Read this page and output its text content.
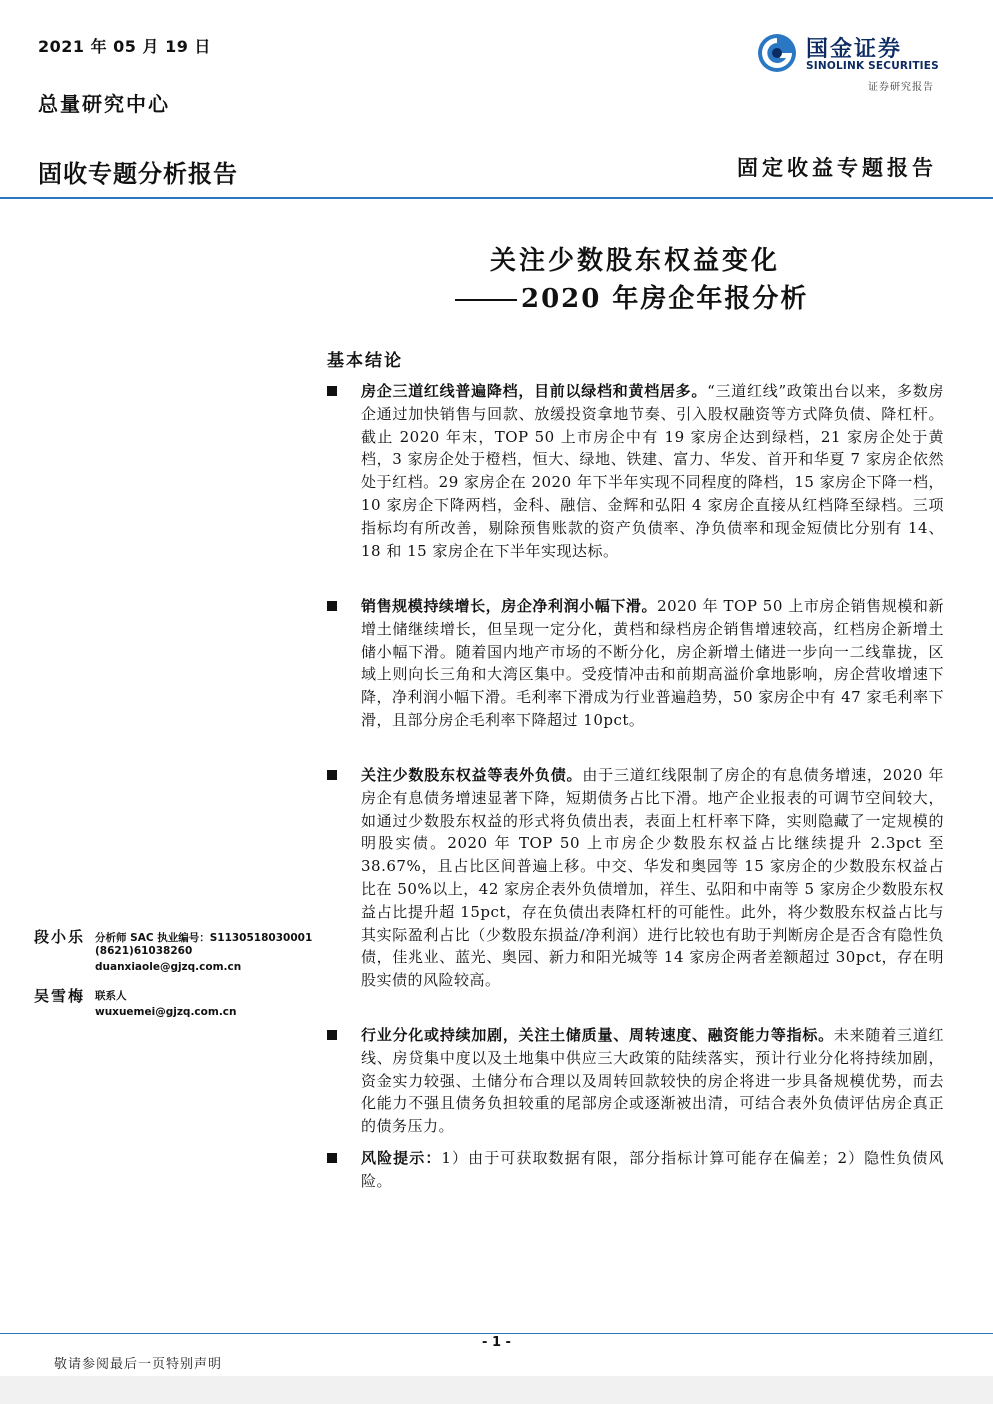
2021 年 05 月 19 日
总量研究中心
国金证券
SINOLINK SECURITIES
证券研究报告
固收专题分析报告	固定收益专题报告
关注少数股东权益变化
2020 年房企年报分析
基本结论
房企三道红线普遍降档，目前以绿档和黄档居多。“三道红线”政策出台以来，多数房企通过加快销售与回款、放缓投资拿地节奏、引入股权融资等方式降负债、降杠杆。截止 2020 年末，TOP 50 上市房企中有 19 家房企达到绿档，21 家房企处于黄档，3 家房企处于橙档，恒大、绿地、铁建、富力、华发、首开和华夏 7 家房企依然处于红档。29 家房企在 2020 年下半年实现不同程度的降档，15 家房企下降一档，10 家房企下降两档，金科、融信、金辉和弘阳 4 家房企直接从红档降至绿档。三项指标均有所改善，剔除预售账款的资产负债率、净负债率和现金短债比分别有 14、18 和 15 家房企在下半年实现达标。
销售规模持续增长，房企净利润小幅下滑。2020 年 TOP 50 上市房企销售规模和新增土储继续增长，但呈现一定分化，黄档和绿档房企销售增速较高，红档房企新增土储小幅下滑。随着国内地产市场的不断分化，房企新增土储进一步向一二线靠拢，区域上则向长三角和大湾区集中。受疫情冲击和前期高溢价拿地影响，房企营收增速下降，净利润小幅下滑。毛利率下滑成为行业普遍趋势，50 家房企中有 47 家毛利率下滑，且部分房企毛利率下降超过 10pct。
关注少数股东权益等表外负债。由于三道红线限制了房企的有息债务增速，2020 年房企有息债务增速显著下降，短期债务占比下滑。地产企业报表的可调节空间较大，如通过少数股东权益的形式将负债出表，表面上杠杆率下降，实则隐藏了一定规模的明股实债。2020 年 TOP 50 上市房企少数股东权益占比继续提升 2.3pct 至 38.67%，且占比区间普遍上移。中交、华发和奥园等 15 家房企的少数股东权益占比在 50%以上，42 家房企表外负债增加，祥生、弘阳和中南等 5 家房企少数股东权益占比提升超 15pct，存在负债出表降杠杆的可能性。此外，将少数股东权益占比与其实际盈利占比（少数股东损益/净利润）进行比较也有助于判断房企是否含有隐性负债，佳兆业、蓝光、奥园、新力和阳光城等 14 家房企两者差额超过 30pct，存在明股实债的风险较高。
行业分化或持续加剧，关注土储质量、周转速度、融资能力等指标。未来随着三道红线、房贷集中度以及土地集中供应三大政策的陆续落实，预计行业分化将持续加剧，资金实力较强、土储分布合理以及周转回款较快的房企将进一步具备规模优势，而去化能力不强且债务负担较重的尾部房企或逐渐被出清，可结合表外负债评估房企真正的债务压力。
风险提示：1）由于可获取数据有限，部分指标计算可能存在偏差；2）隐性负债风险。
段小乐 分析师 SAC 执业编号：S1130518030001
(8621)61038260
duanxiaole@gjzq.com.cn
吴雪梅 联系人
wuxuemei@gjzq.com.cn
- 1 -
敬请参阅最后一页特别声明
